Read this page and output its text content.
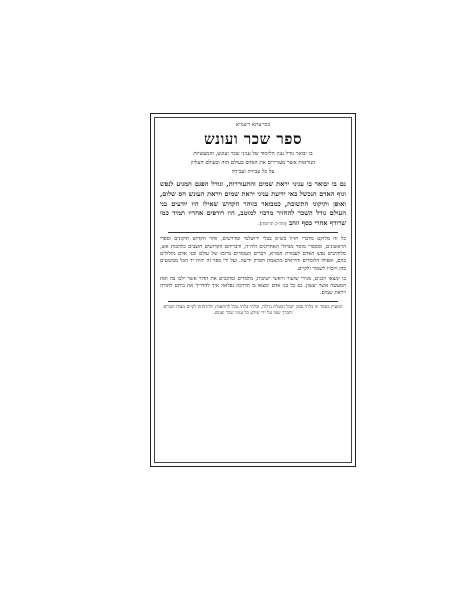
בסייעתא דשמיא
ספר שכר ועונש
בו יבואר גודל ענין הלימוד של עניני שכר ועונש, והמעשיות
הנוראות אשר מעוררים את האדם בעולם הזה ובעולם העליון
על כל עבירה ועבירה
גם בו יבואר בו עניני יראת שמים והתעוררות, וגודל הפגם המגיע לנפש וגוף האדם הנכשל באי ידיעת עניני יראת שמים ויראת העונש חס שלום, ואופן ותיקוני התשובה, כמבואר בזוהר הקדוש שאילו היו יודעים בני העולם גודל השכר להחזיר מרבוי למוטב, היו רודפים אחריו תמיד כמו שרודף אחרי כסף וזהב (זוה״ק תרומה).
כל זה מלוקט מדברי חז״ל בש״ס בבלי ירושלמי ומדרשים, זוהר הקדוש תיקונים וספרי הראשונים, ומספרי מוסר מגדולי האחרונים זלה״ה, ודבריהם הקדושים חוצבים כלהבות אש, מלוהיבים נפש האדם לעבודת הבורא, דברים העומדים ברומו של עולם ובני אדם מזלזלים בהם, ואפילו הלומדים והיראים מתאמת חסרון ידיעה. ועל ידי ספר זה יהיה יד הכל ממששים בהן ויזכרו לשמור ולקיים.
בו ימצאו רבנים, מגידי שיעור וראשי ישיבות, מלמדים ומחנכים את הדור אשר ילכו בה ואת המעשה אשר יעשון. גם כל בני אדם ימצאו בו הדרכה נפלאה איך להדריך את ביתם לתורה ויראת שמים.
המעיין בספר זה בלתי ספק יקבל תועלת גדולה, ובלתי בלתי גבול להתאמץ ולהתחזק לקיים מצות הבורא יתברך שמו על ידי שידע כל עניני שכר ועונש.
